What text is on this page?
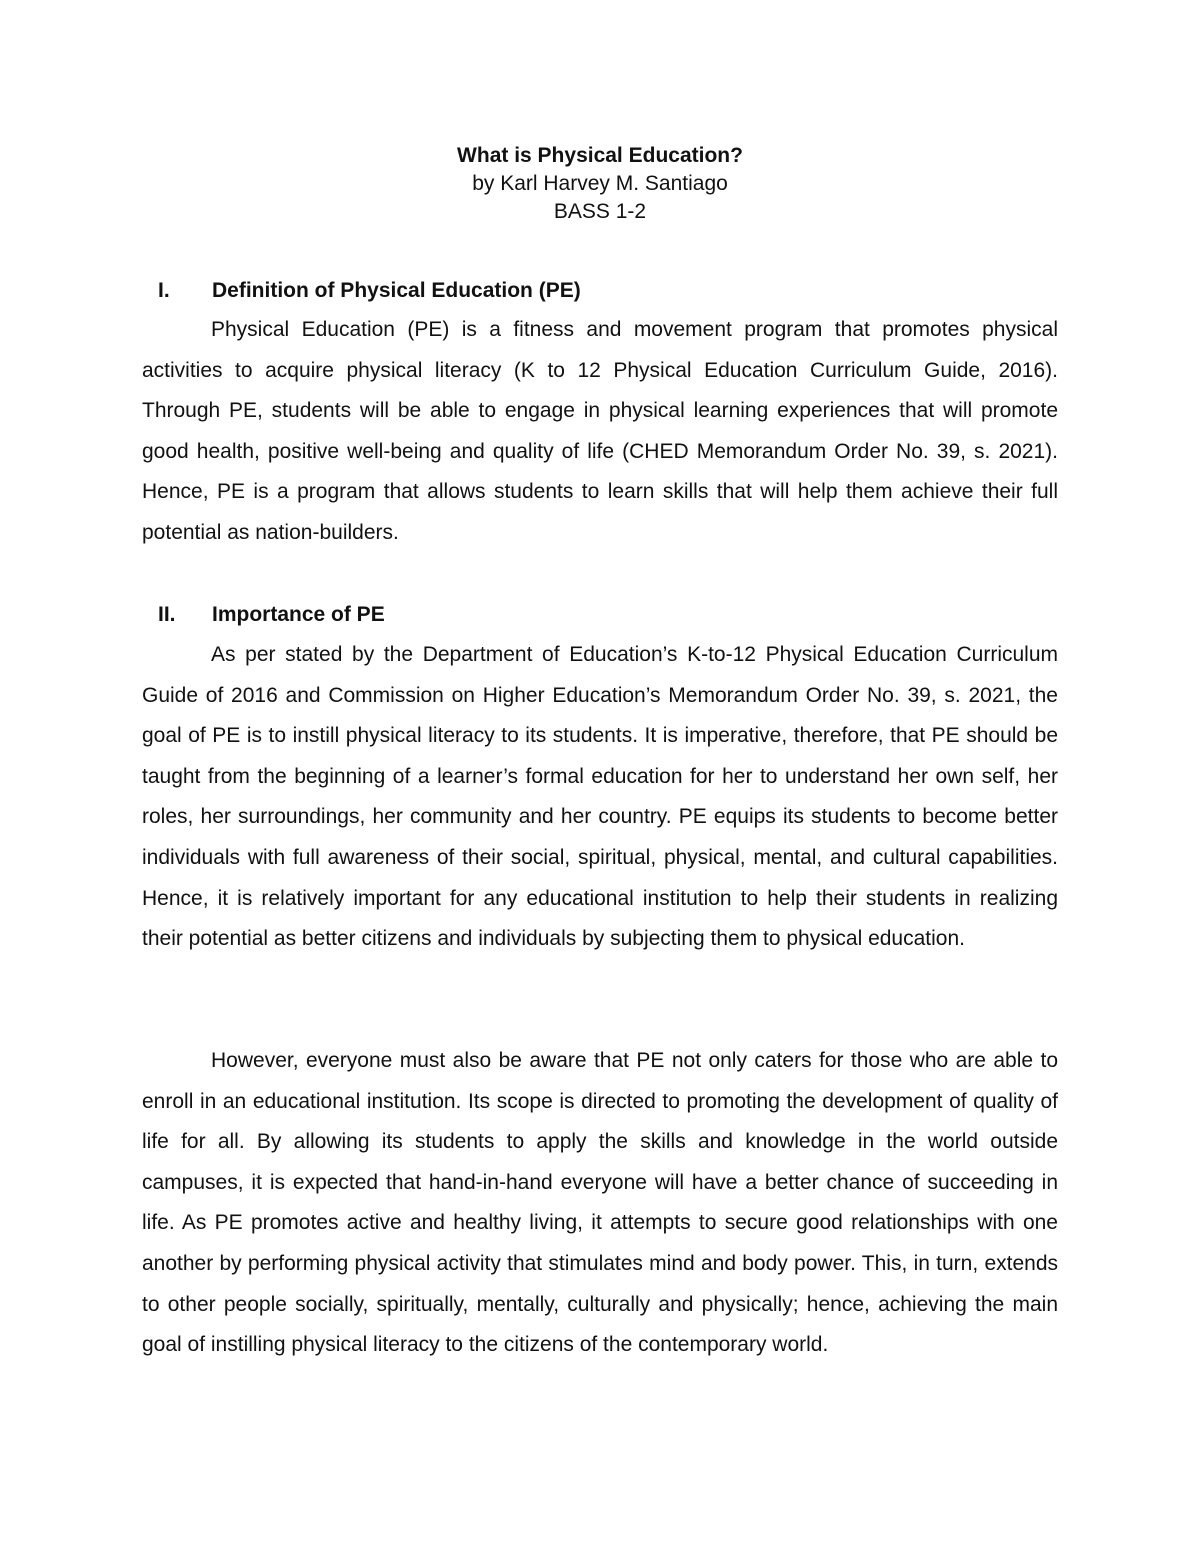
What is Physical Education?
by Karl Harvey M. Santiago
BASS 1-2
I. Definition of Physical Education (PE)

Physical Education (PE) is a fitness and movement program that promotes physical activities to acquire physical literacy (K to 12 Physical Education Curriculum Guide, 2016). Through PE, students will be able to engage in physical learning experiences that will promote good health, positive well-being and quality of life (CHED Memorandum Order No. 39, s. 2021). Hence, PE is a program that allows students to learn skills that will help them achieve their full potential as nation-builders.

II. Importance of PE

As per stated by the Department of Education’s K-to-12 Physical Education Curriculum Guide of 2016 and Commission on Higher Education’s Memorandum Order No. 39, s. 2021, the goal of PE is to instill physical literacy to its students. It is imperative, therefore, that PE should be taught from the beginning of a learner’s formal education for her to understand her own self, her roles, her surroundings, her community and her country. PE equips its students to become better individuals with full awareness of their social, spiritual, physical, mental, and cultural capabilities. Hence, it is relatively important for any educational institution to help their students in realizing their potential as better citizens and individuals by subjecting them to physical education.

However, everyone must also be aware that PE not only caters for those who are able to enroll in an educational institution. Its scope is directed to promoting the development of quality of life for all. By allowing its students to apply the skills and knowledge in the world outside campuses, it is expected that hand-in-hand everyone will have a better chance of succeeding in life. As PE promotes active and healthy living, it attempts to secure good relationships with one another by performing physical activity that stimulates mind and body power. This, in turn, extends to other people socially, spiritually, mentally, culturally and physically; hence, achieving the main goal of instilling physical literacy to the citizens of the contemporary world.
